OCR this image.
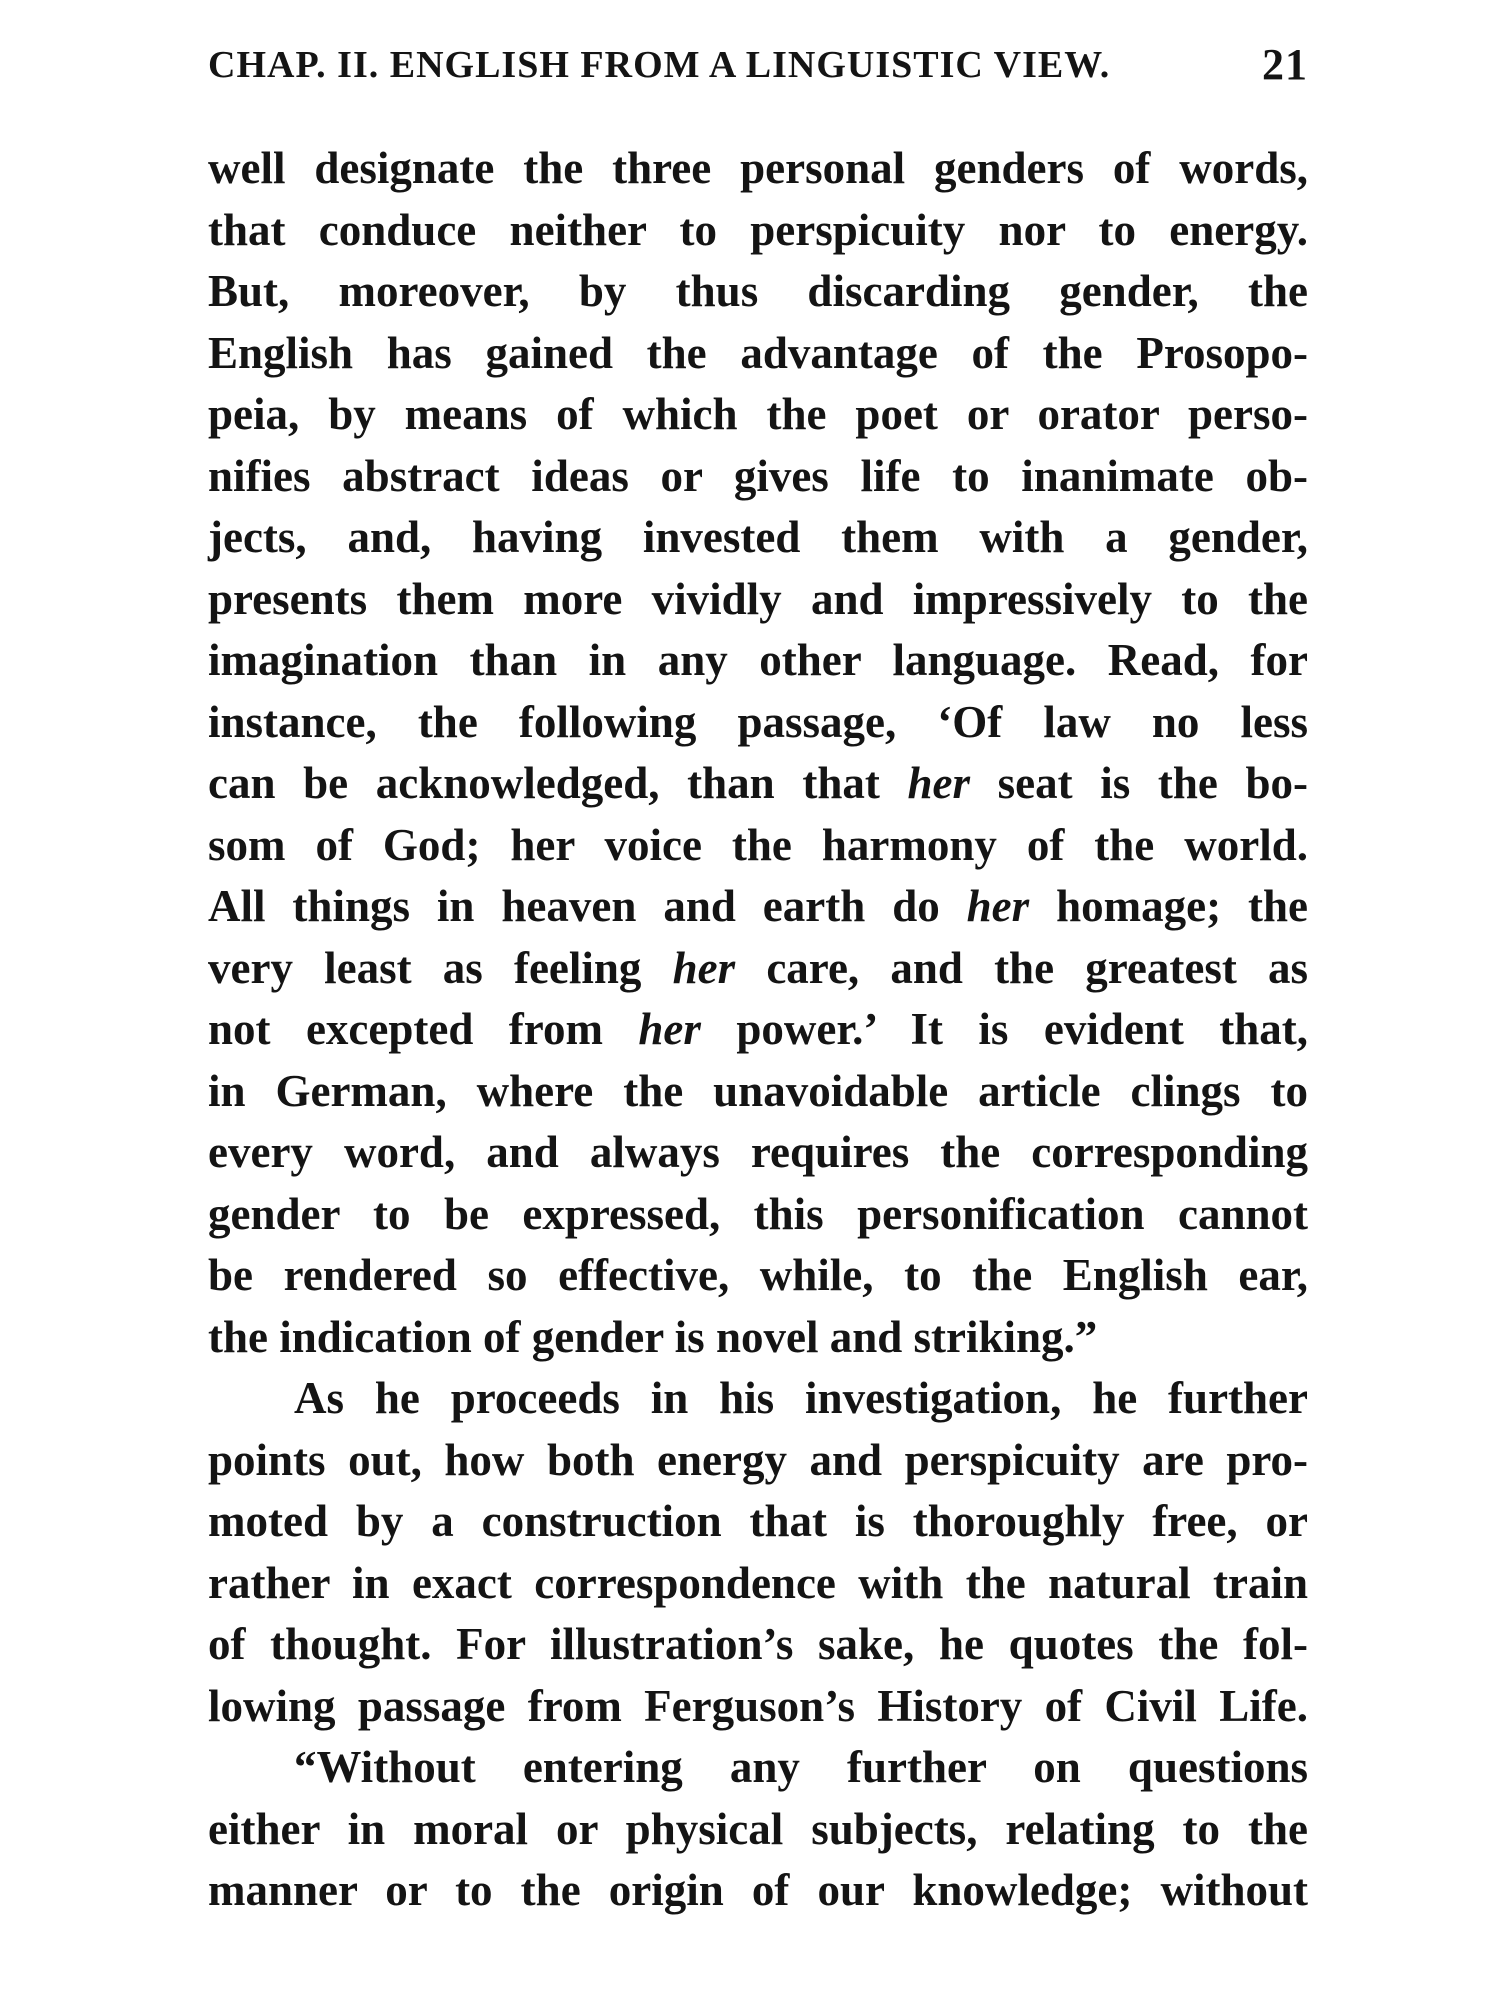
CHAP. II. ENGLISH FROM A LINGUISTIC VIEW.	21
well designate the three personal genders of words,
that conduce neither to perspicuity nor to energy.
But, moreover, by thus discarding gender, the
English has gained the advantage of the Prosopo-
peia, by means of which the poet or orator perso-
nifies abstract ideas or gives life to inanimate ob-
jects, and, having invested them with a gender,
presents them more vividly and impressively to the
imagination than in any other language. Read, for
instance, the following passage, ‘Of law no less
can be acknowledged, than that her seat is the bo-
som of God; her voice the harmony of the world.
All things in heaven and earth do her homage; the
very least as feeling her care, and the greatest as
not excepted from her power.’ It is evident that,
in German, where the unavoidable article clings to
every word, and always requires the corresponding
gender to be expressed, this personification cannot
be rendered so effective, while, to the English ear,
the indication of gender is novel and striking.”
As he proceeds in his investigation, he further
points out, how both energy and perspicuity are pro-
moted by a construction that is thoroughly free, or
rather in exact correspondence with the natural train
of thought. For illustration’s sake, he quotes the fol-
lowing passage from Ferguson’s History of Civil Life.
“Without entering any further on questions
either in moral or physical subjects, relating to the
manner or to the origin of our knowledge; without
